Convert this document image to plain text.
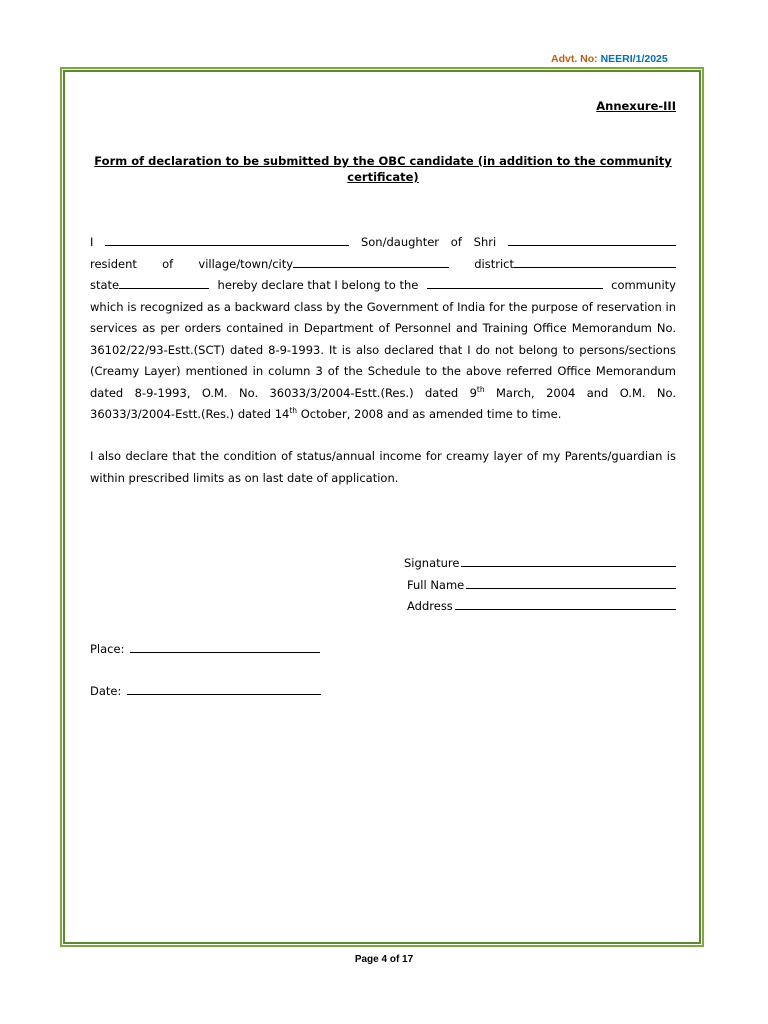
Advt. No: NEERI/1/2025
Annexure-III
Form of declaration to be submitted by the OBC candidate (in addition to the community certificate)
I	Son/daughter of Shri
resident of village/town/city	district
state	hereby declare that I belong to the	community
which is recognized as a backward class by the Government of India for the purpose of reservation in services as per orders contained in Department of Personnel and Training Office Memorandum No. 36102/22/93-Estt.(SCT) dated 8-9-1993. It is also declared that I do not belong to persons/sections (Creamy Layer) mentioned in column 3 of the Schedule to the above referred Office Memorandum dated 8-9-1993, O.M. No. 36033/3/2004-Estt.(Res.) dated 9th March, 2004 and O.M. No. 36033/3/2004-Estt.(Res.) dated 14th October, 2008 and as amended time to time.
I also declare that the condition of status/annual income for creamy layer of my Parents/guardian is within prescribed limits as on last date of application.
Signature
Full Name
Address
Place:
Date:
Page 4 of 17
